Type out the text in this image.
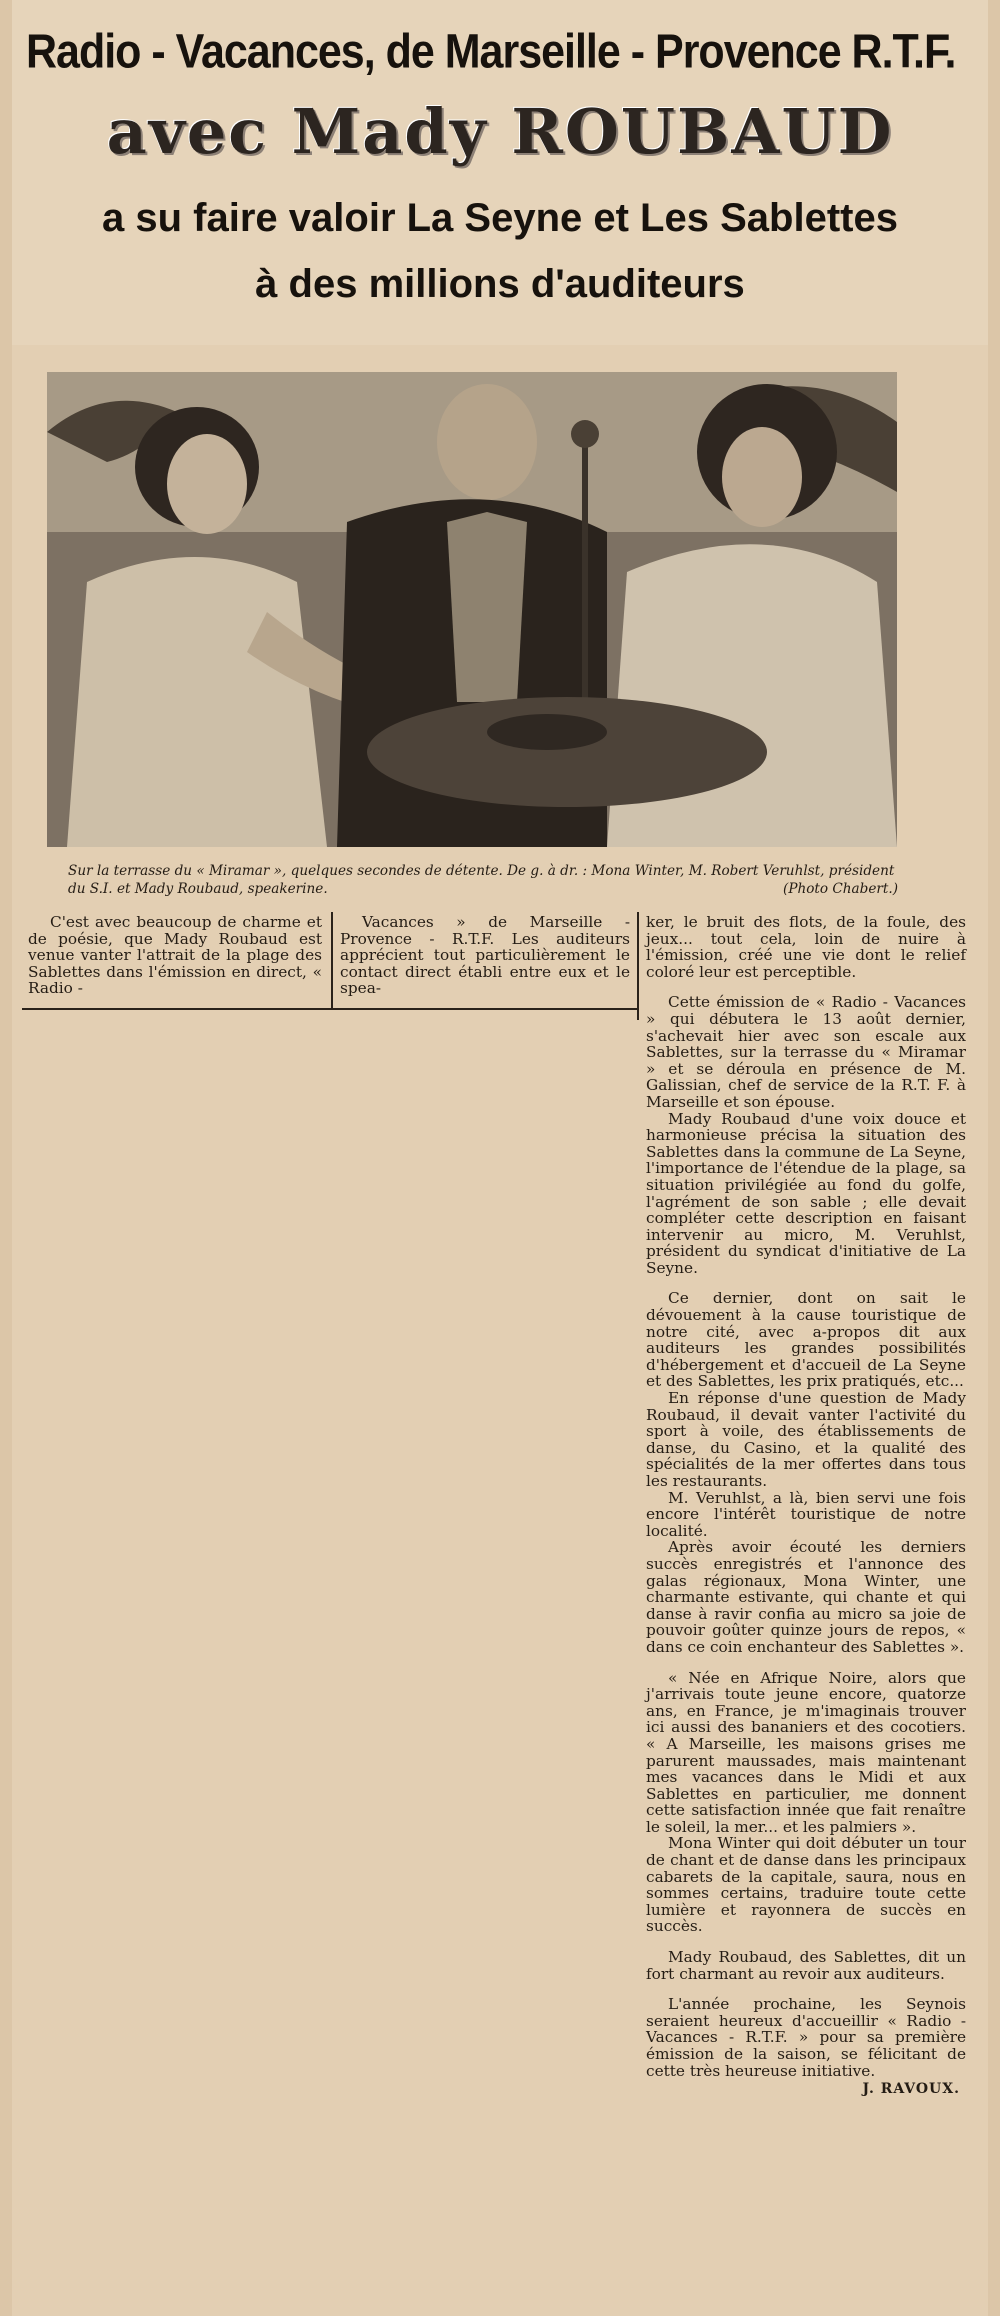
Radio - Vacances, de Marseille - Provence R.T.F.
avec Mady ROUBAUD
a su faire valoir La Seyne et Les Sablettes
à des millions d'auditeurs
Sur la terrasse du « Miramar », quelques secondes de détente. De g. à dr. : Mona Winter, M. Robert Veruhlst, président du S.I. et Mady Roubaud, speakerine.	(Photo Chabert.)

C'est avec beaucoup de charme et de poésie, que Mady Roubaud est venue vanter l'attrait de la plage des Sablettes dans l'émission en direct, « Radio -

Vacances » de Marseille - Provence - R.T.F. Les auditeurs apprécient tout particulièrement le contact direct établi entre eux et le spea-

ker, le bruit des flots, de la foule, des jeux... tout cela, loin de nuire à l'émission, créé une vie dont le relief coloré leur est perceptible.

Cette émission de « Radio - Vacances » qui débutera le 13 août dernier, s'achevait hier avec son escale aux Sablettes, sur la terrasse du « Miramar » et se déroula en présence de M. Galissian, chef de service de la R.T. F. à Marseille et son épouse.

Mady Roubaud d'une voix douce et harmonieuse précisa la situation des Sablettes dans la commune de La Seyne, l'importance de l'étendue de la plage, sa situation privilégiée au fond du golfe, l'agrément de son sable ; elle devait compléter cette description en faisant intervenir au micro, M. Veruhlst, président du syndicat d'initiative de La Seyne.

Ce dernier, dont on sait le dévouement à la cause touristique de notre cité, avec a-propos dit aux auditeurs les grandes possibilités d'hébergement et d'accueil de La Seyne et des Sablettes, les prix pratiqués, etc...

En réponse d'une question de Mady Roubaud, il devait vanter l'activité du sport à voile, des établissements de danse, du Casino, et la qualité des spécialités de la mer offertes dans tous les restaurants.

M. Veruhlst, a là, bien servi une fois encore l'intérêt touristique de notre localité.

Après avoir écouté les derniers succès enregistrés et l'annonce des galas régionaux, Mona Winter, une charmante estivante, qui chante et qui danse à ravir confia au micro sa joie de pouvoir goûter quinze jours de repos, « dans ce coin enchanteur des Sablettes ».

« Née en Afrique Noire, alors que j'arrivais toute jeune encore, quatorze ans, en France, je m'imaginais trouver ici aussi des bananiers et des cocotiers. « A Marseille, les maisons grises me parurent maussades, mais maintenant mes vacances dans le Midi et aux Sablettes en particulier, me donnent cette satisfaction innée que fait renaître le soleil, la mer... et les palmiers ».

Mona Winter qui doit débuter un tour de chant et de danse dans les principaux cabarets de la capitale, saura, nous en sommes certains, traduire toute cette lumière et rayonnera de succès en succès.

Mady Roubaud, des Sablettes, dit un fort charmant au revoir aux auditeurs.

L'année prochaine, les Seynois seraient heureux d'accueillir « Radio - Vacances - R.T.F. » pour sa première émission de la saison, se félicitant de cette très heureuse initiative.

J. RAVOUX.
